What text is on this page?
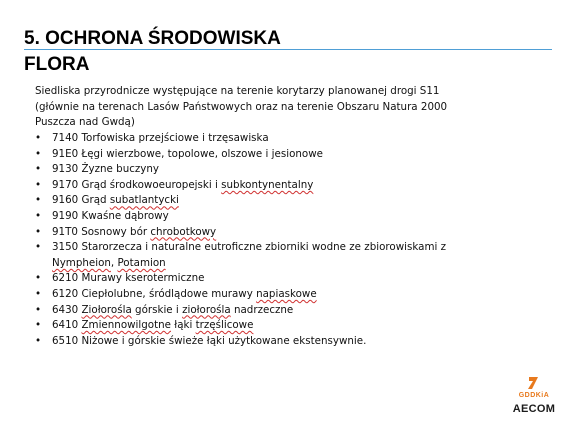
5. OCHRONA ŚRODOWISKA
FLORA
Siedliska przyrodnicze występujące na terenie korytarzy planowanej drogi S11
(głównie na terenach Lasów Państwowych oraz na terenie Obszaru Natura 2000
Puszcza nad Gwdą)
• 7140 Torfowiska przejściowe i trzęsawiska
• 91E0 Łęgi wierzbowe, topolowe, olszowe i jesionowe
• 9130 Żyzne buczyny
• 9170 Grąd środkowoeuropejski i subkontynentalny
• 9160 Grąd subatlantycki
• 9190 Kwaśne dąbrowy
• 91T0 Sosnowy bór chrobotkowy
• 3150 Starorzecza i naturalne eutroficzne zbiorniki wodne ze zbiorowiskami z
Nympheion, Potamion
• 6210 Murawy kserotermiczne
• 6120 Ciepłolubne, śródlądowe murawy napiaskowe
• 6430 Ziołorośla górskie i ziołorośla nadrzeczne
• 6410 Zmiennowilgotne łąki trzęślicowe
• 6510 Niżowe i górskie świeże łąki użytkowane ekstensywnie.
GDDKiA
AECOM
